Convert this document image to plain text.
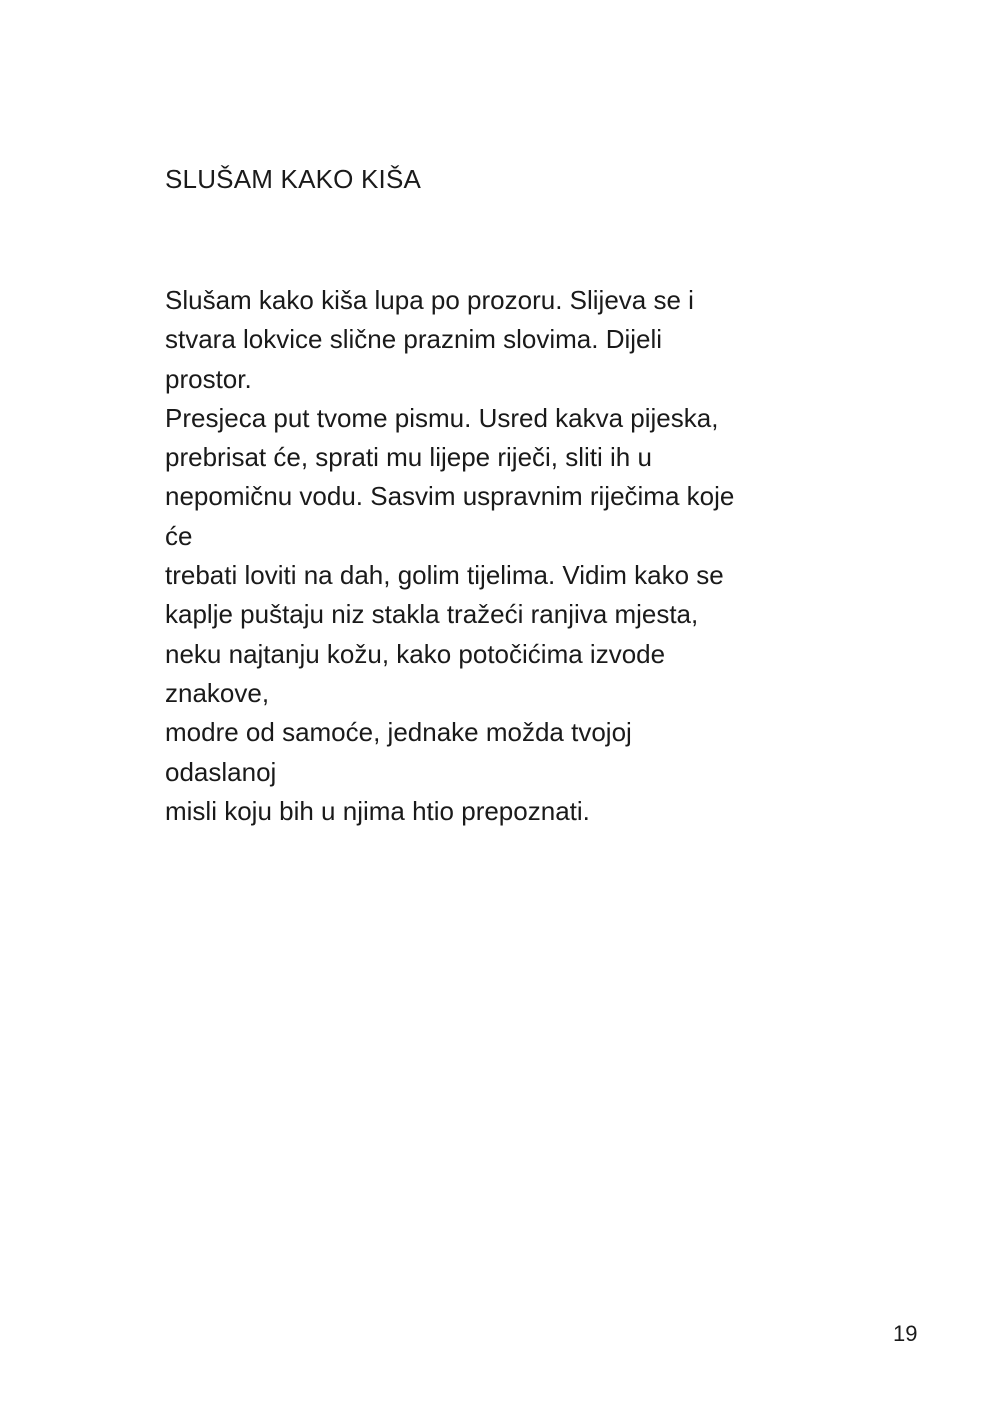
SLUŠAM KAKO KIŠA
Slušam kako kiša lupa po prozoru. Slijeva se i
stvara lokvice slične praznim slovima. Dijeli
prostor.
Presjeca put tvome pismu. Usred kakva pijeska,
prebrisat će, sprati mu lijepe riječi, sliti ih u
nepomičnu vodu. Sasvim uspravnim riječima koje
će
trebati loviti na dah, golim tijelima. Vidim kako se
kaplje puštaju niz stakla tražeći ranjiva mjesta,
neku najtanju kožu, kako potočićima izvode
znakove,
modre od samoće, jednake možda tvojoj
odaslanoj
misli koju bih u njima htio prepoznati.
19
